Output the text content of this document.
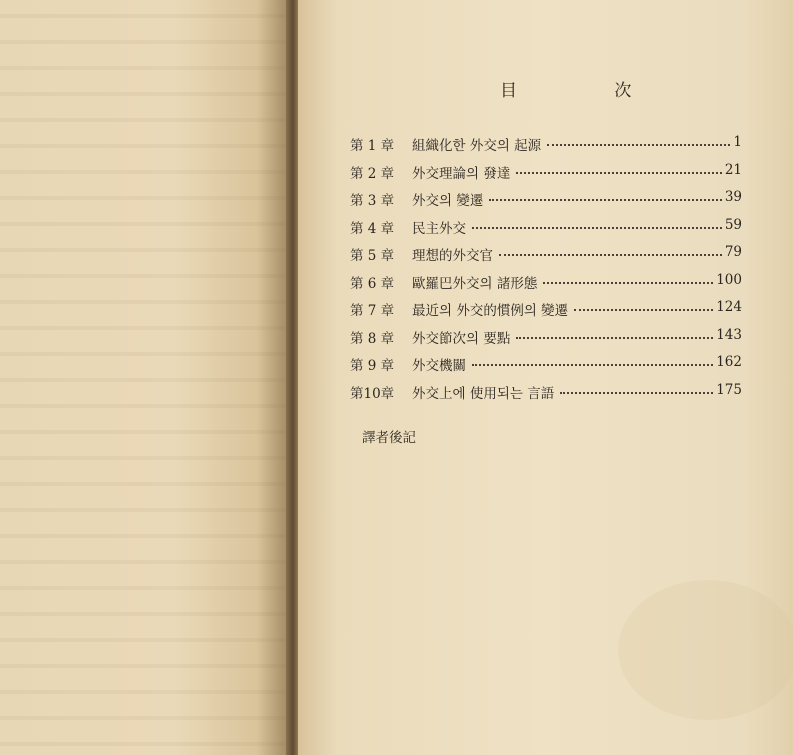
目 次
第 1 章	組織化한 外交의 起源	1
第 2 章	外交理論의 發達	21
第 3 章	外交의 變遷	39
第 4 章	民主外交	59
第 5 章	理想的外交官	79
第 6 章	歐羅巴外交의 諸形態	100
第 7 章	最近의 外交的慣例의 變遷	124
第 8 章	外交節次의 要點	143
第 9 章	外交機關	162
第10章	外交上에 使用되는 言語	175
譯者後記
